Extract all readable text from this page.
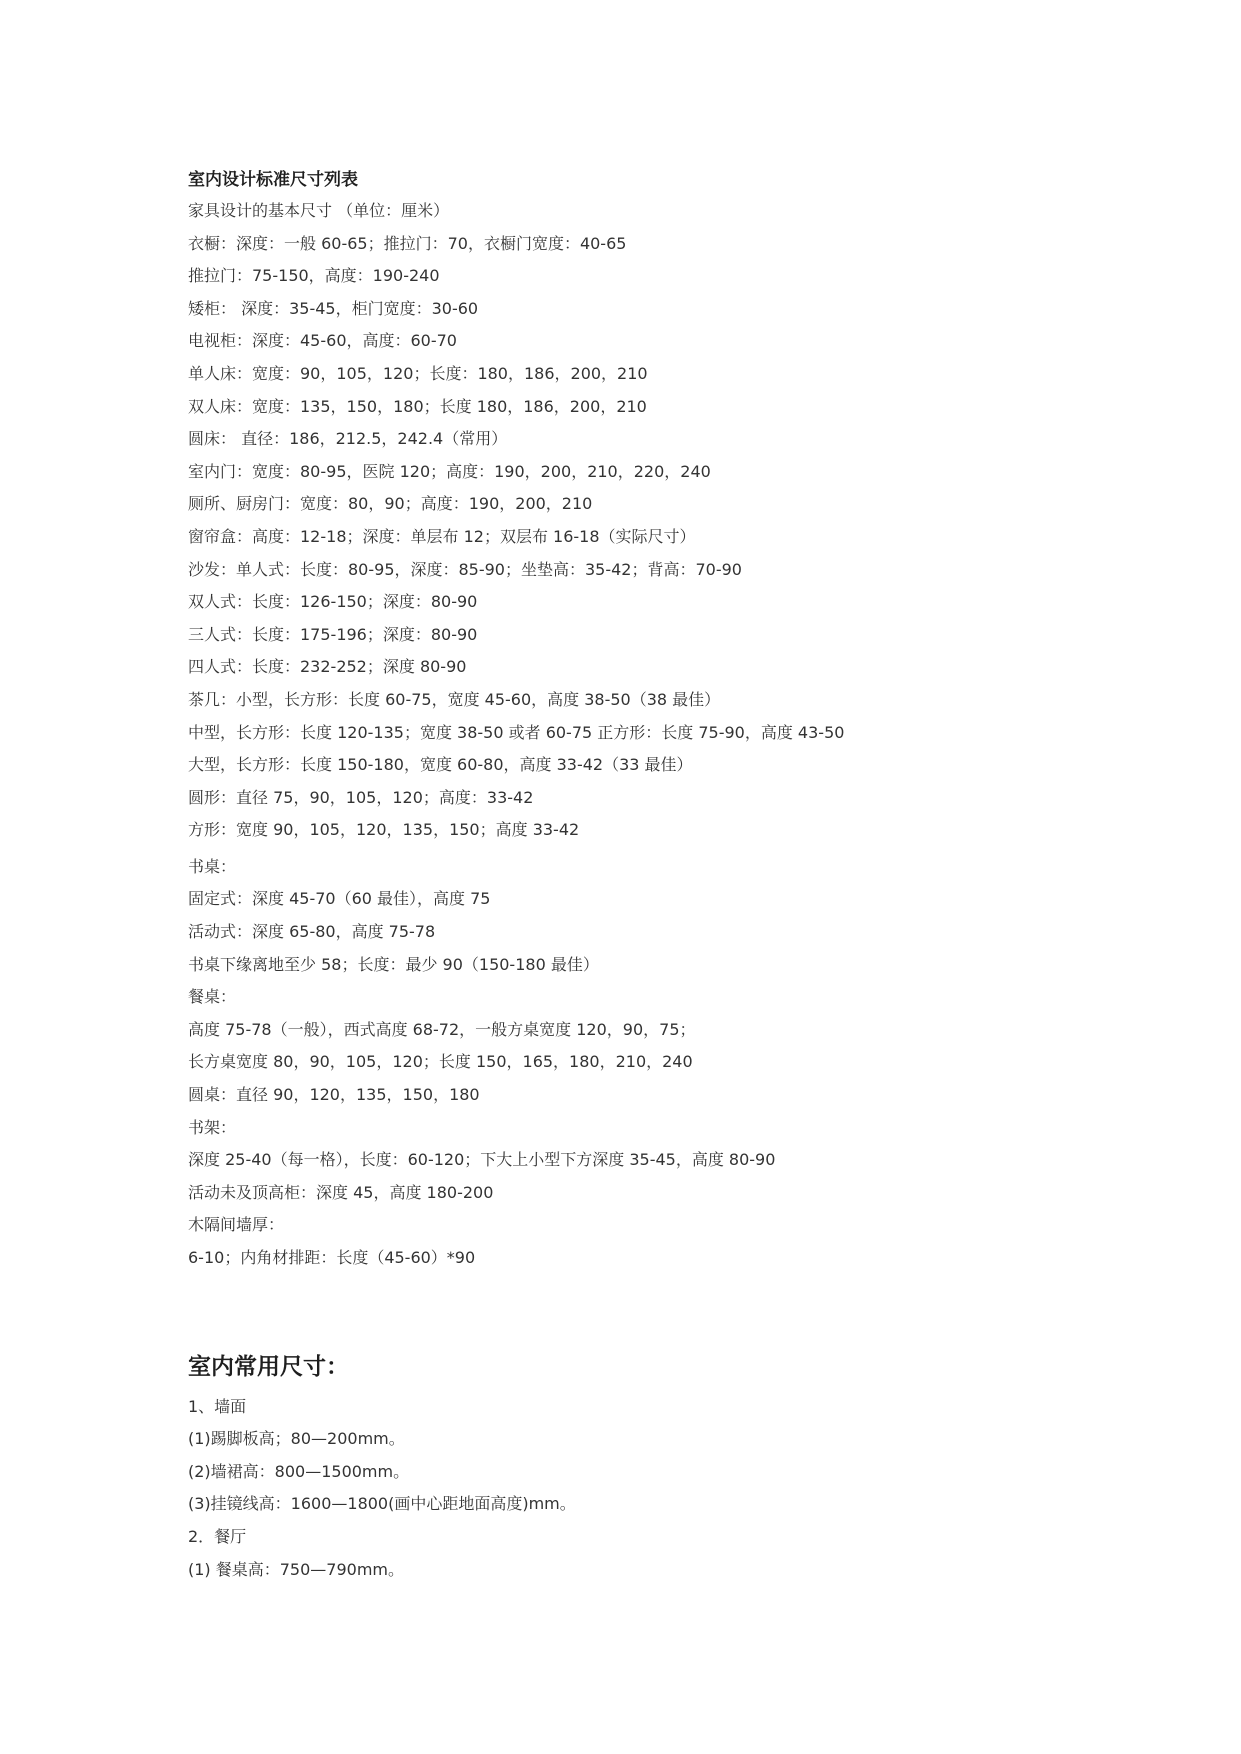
室内设计标准尺寸列表
家具设计的基本尺寸 （单位：厘米）
衣橱：深度：一般 60-65；推拉门：70，衣橱门宽度：40-65
推拉门：75-150，高度：190-240
矮柜： 深度：35-45，柜门宽度：30-60
电视柜：深度：45-60，高度：60-70
单人床：宽度：90，105，120；长度：180，186，200，210
双人床：宽度：135，150，180；长度 180，186，200，210
圆床： 直径：186，212.5，242.4（常用）
室内门：宽度：80-95，医院 120；高度：190，200，210，220，240
厕所、厨房门：宽度：80，90；高度：190，200，210
窗帘盒：高度：12-18；深度：单层布 12；双层布 16-18（实际尺寸）
沙发：单人式：长度：80-95，深度：85-90；坐垫高：35-42；背高：70-90
双人式：长度：126-150；深度：80-90
三人式：长度：175-196；深度：80-90
四人式：长度：232-252；深度 80-90
茶几：小型，长方形：长度 60-75，宽度 45-60，高度 38-50（38 最佳）
中型，长方形：长度 120-135；宽度 38-50 或者 60-75 正方形：长度 75-90，高度 43-50
大型，长方形：长度 150-180，宽度 60-80，高度 33-42（33 最佳）
圆形：直径 75，90，105，120；高度：33-42
方形：宽度 90，105，120，135，150；高度 33-42
书桌：
固定式：深度 45-70（60 最佳），高度 75
活动式：深度 65-80，高度 75-78
书桌下缘离地至少 58；长度：最少 90（150-180 最佳）
餐桌：
高度 75-78（一般），西式高度 68-72，一般方桌宽度 120，90，75；
长方桌宽度 80，90，105，120；长度 150，165，180，210，240
圆桌：直径 90，120，135，150，180
书架：
深度 25-40（每一格），长度：60-120；下大上小型下方深度 35-45，高度 80-90
活动未及顶高柜：深度 45，高度 180-200
木隔间墙厚：
6-10；内角材排距：长度（45-60）*90
室内常用尺寸：
1、墙面
(1)踢脚板高；80—200mm。
(2)墙裙高：800—1500mm。
(3)挂镜线高：1600—1800(画中心距地面高度)mm。
2．餐厅
(1) 餐桌高：750—790mm。
